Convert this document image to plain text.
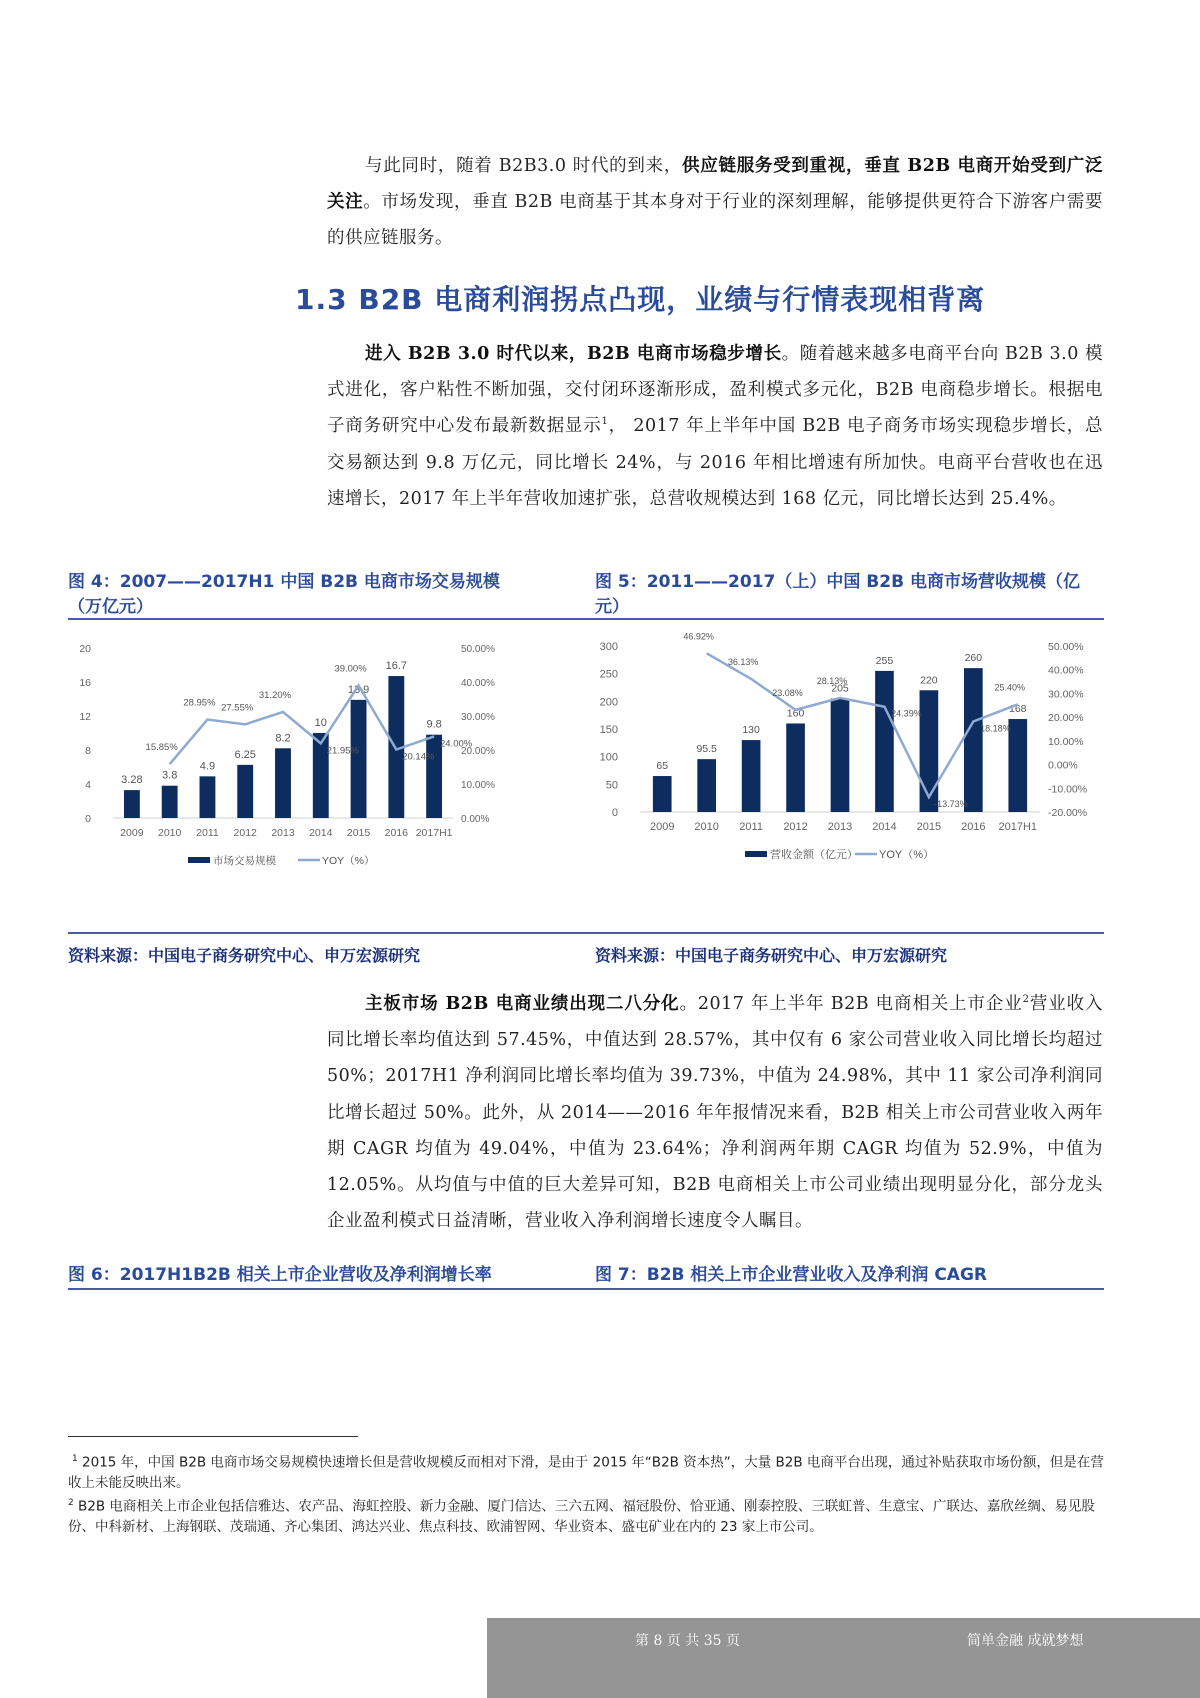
与此同时，随着 B2B3.0 时代的到来，供应链服务受到重视，垂直 B2B 电商开始受到广泛关注。市场发现，垂直 B2B 电商基于其本身对于行业的深刻理解，能够提供更符合下游客户需要的供应链服务。
1.3 B2B 电商利润拐点凸现，业绩与行情表现相背离
进入 B2B 3.0 时代以来，B2B 电商市场稳步增长。随着越来越多电商平台向 B2B 3.0 模式进化，客户粘性不断加强，交付闭环逐渐形成，盈利模式多元化，B2B 电商稳步增长。根据电子商务研究中心发布最新数据显示$^1$， 2017 年上半年中国 B2B 电子商务市场实现稳步增长，总交易额达到 9.8 万亿元，同比增长 24%，与 2016 年相比增速有所加快。电商平台营收也在迅速增长，2017 年上半年营收加速扩张，总营收规模达到 168 亿元，同比增长达到 25.4%。
图 4：2007——2017H1 中国 B2B 电商市场交易规模（万亿元）
图 5：2011——2017（上）中国 B2B 电商市场营收规模（亿元）
0
4
8
12
16
20
0.00%
10.00%
20.00%
30.00%
40.00%
50.00%
3.28
2009
3.8
2010
4.9
2011
6.25
2012
8.2
2013
10
2014
13.9
2015
16.7
2016
9.8
2017H1
15.85%
28.95% 27.55%
31.20%
21.95%
39.00%
20.14%
24.00%
市场交易规模	YOY（%）
0
50
100
150
200
250
300
-20.00%
-10.00%
0.00%
10.00%
20.00%
30.00%
40.00%
50.00%
65
2009
95.5
2010
130
2011
160
2012
205
2013
255
2014
220
2015
260
2016
168
2017H1
46.92%
36.13%
23.08%
28.13%
24.39%
-13.73%
18.18%
25.40%
营收金额（亿元） YOY（%）
资料来源：中国电子商务研究中心、申万宏源研究	资料来源：中国电子商务研究中心、申万宏源研究
主板市场 B2B 电商业绩出现二八分化。2017 年上半年 B2B 电商相关上市企业$^2$营业收入同比增长率均值达到 57.45%，中值达到 28.57%，其中仅有 6 家公司营业收入同比增长均超过 50%；2017H1 净利润同比增长率均值为 39.73%，中值为 24.98%，其中 11 家公司净利润同比增长超过 50%。此外，从 2014——2016 年年报情况来看，B2B 相关上市公司营业收入两年期 CAGR 均值为 49.04%，中值为 23.64%；净利润两年期 CAGR 均值为 52.9%，中值为 12.05%。从均值与中值的巨大差异可知，B2B 电商相关上市公司业绩出现明显分化，部分龙头企业盈利模式日益清晰，营业收入净利润增长速度令人瞩目。
图 6：2017H1B2B 相关上市企业营收及净利润增长率	图 7：B2B 相关上市企业营业收入及净利润 CAGR
$^1$ 2015 年，中国 B2B 电商市场交易规模快速增长但是营收规模反而相对下滑，是由于 2015 年“B2B 资本热”，大量 B2B 电商平台出现，通过补贴获取市场份额，但是在营收上未能反映出来。
$^2$ B2B 电商相关上市企业包括信雅达、农产品、海虹控股、新力金融、厦门信达、三六五网、福冠股份、恰亚通、刚泰控股、三联虹普、生意宝、广联达、嘉欣丝绸、易见股份、中科新材、上海钢联、茂瑞通、齐心集团、鸿达兴业、焦点科技、欧浦智网、华业资本、盛屯矿业在内的 23 家上市公司。
第 8 页 共 35 页	简单金融 成就梦想
